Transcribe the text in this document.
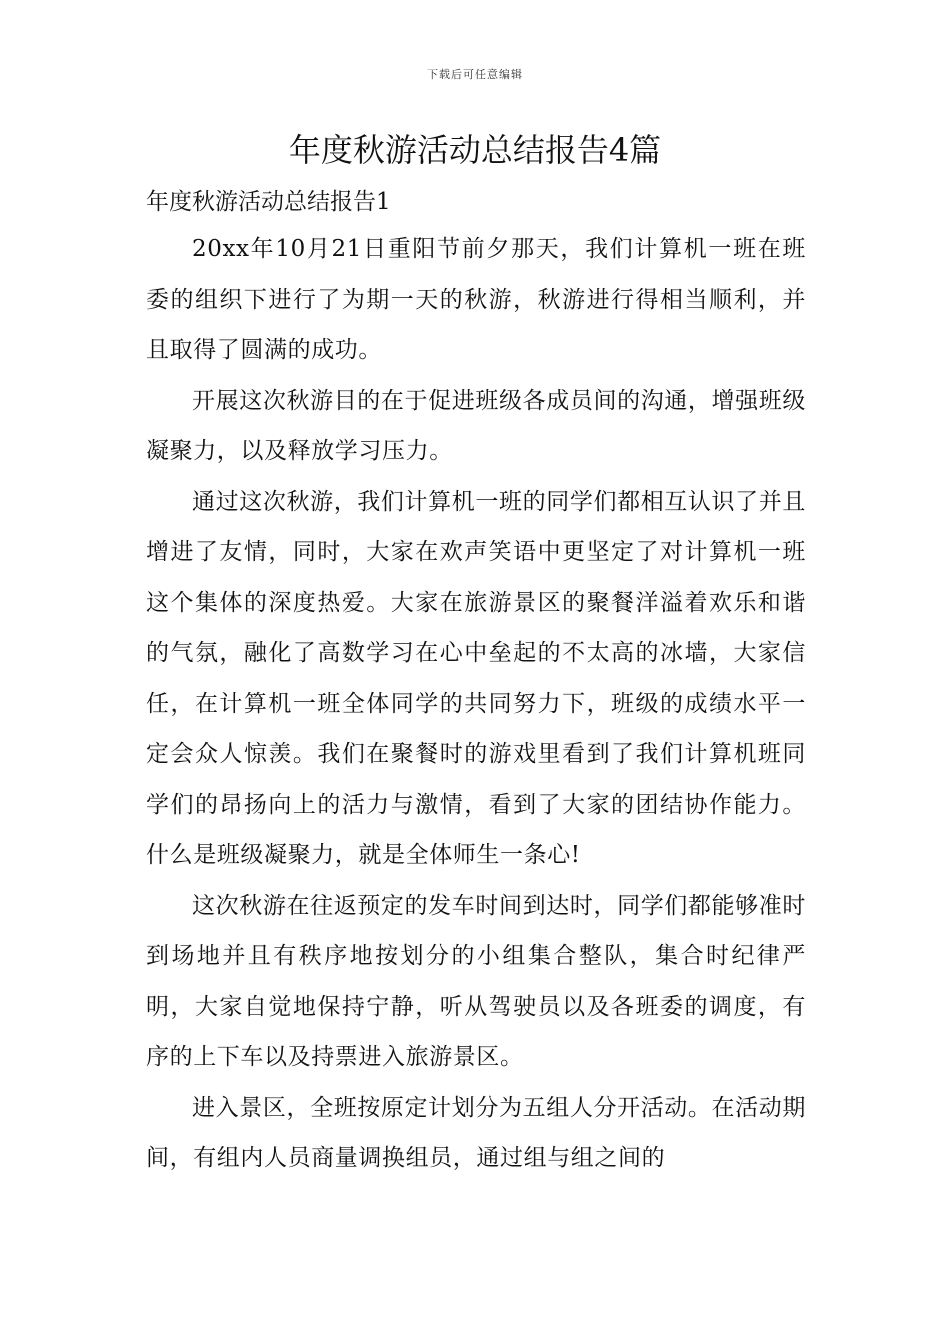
下载后可任意编辑
年度秋游活动总结报告4篇
年度秋游活动总结报告1

20xx年10月21日重阳节前夕那天，我们计算机一班在班委的组织下进行了为期一天的秋游，秋游进行得相当顺利，并且取得了圆满的成功。

开展这次秋游目的在于促进班级各成员间的沟通，增强班级凝聚力，以及释放学习压力。

通过这次秋游，我们计算机一班的同学们都相互认识了并且增进了友情，同时，大家在欢声笑语中更坚定了对计算机一班这个集体的深度热爱。大家在旅游景区的聚餐洋溢着欢乐和谐的气氛，融化了高数学习在心中垒起的不太高的冰墙，大家信任，在计算机一班全体同学的共同努力下，班级的成绩水平一定会众人惊羡。我们在聚餐时的游戏里看到了我们计算机班同学们的昂扬向上的活力与激情，看到了大家的团结协作能力。什么是班级凝聚力，就是全体师生一条心!

这次秋游在往返预定的发车时间到达时，同学们都能够准时到场地并且有秩序地按划分的小组集合整队，集合时纪律严明，大家自觉地保持宁静，听从驾驶员以及各班委的调度，有序的上下车以及持票进入旅游景区。

进入景区，全班按原定计划分为五组人分开活动。在活动期间，有组内人员商量调换组员，通过组与组之间的
